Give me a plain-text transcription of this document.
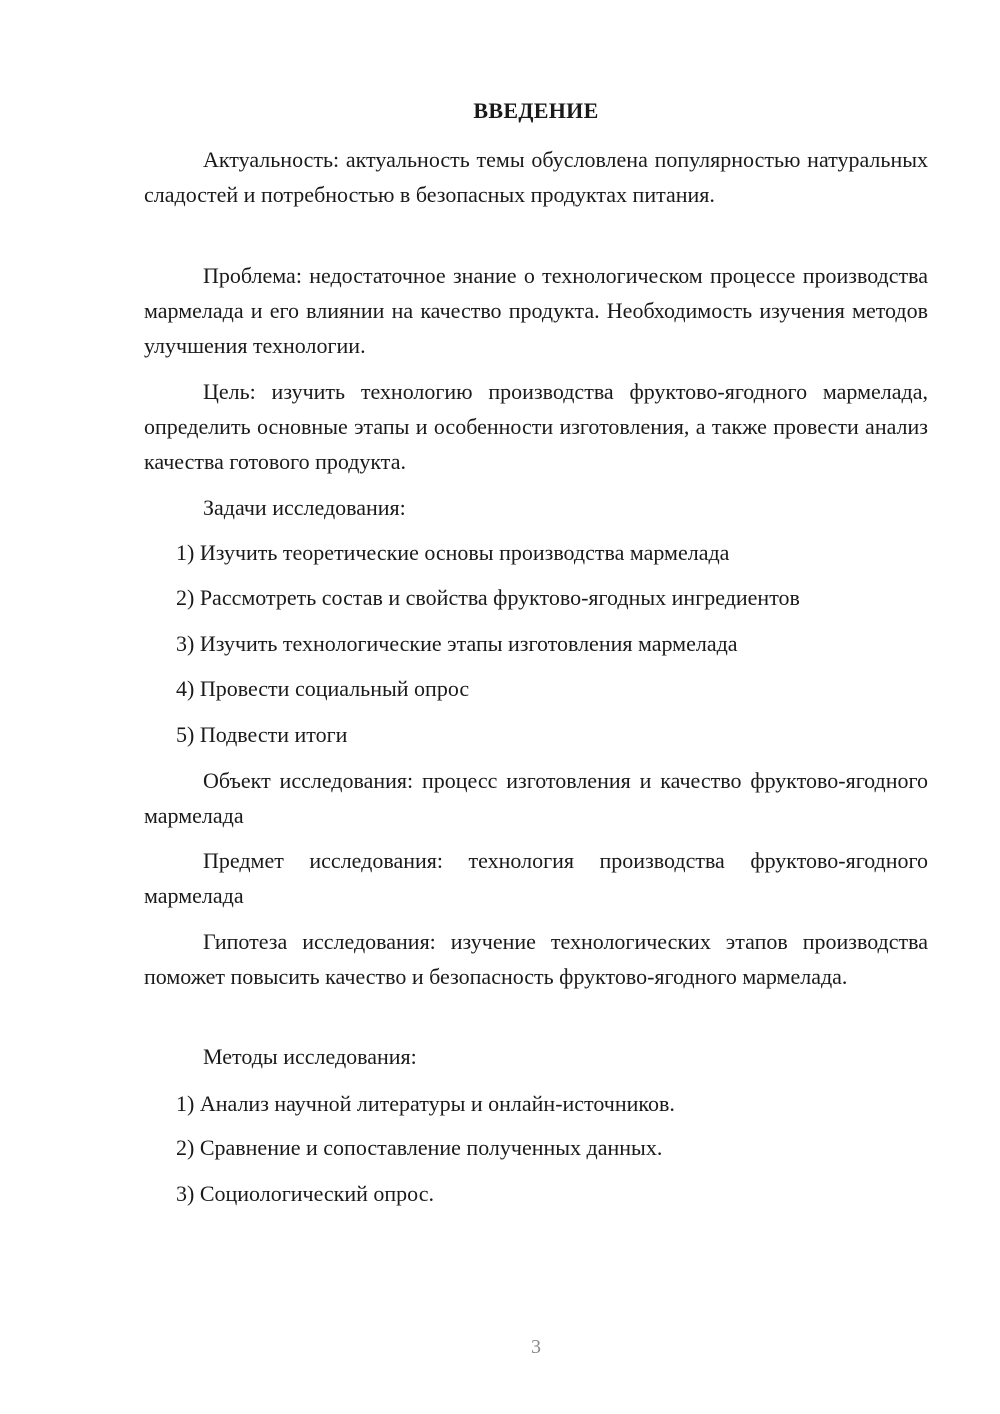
ВВЕДЕНИЕ
Актуальность: актуальность темы обусловлена популярностью натуральных сладостей и потребностью в безопасных продуктах питания.
Проблема: недостаточное знание о технологическом процессе производства мармелада и его влиянии на качество продукта. Необходимость изучения методов улучшения технологии.
Цель: изучить технологию производства фруктово-ягодного мармелада, определить основные этапы и особенности изготовления, а также провести анализ качества готового продукта.
Задачи исследования:
1) Изучить теоретические основы производства мармелада
2) Рассмотреть состав и свойства фруктово-ягодных ингредиентов
3) Изучить технологические этапы изготовления мармелада
4) Провести социальный опрос
5) Подвести итоги
Объект исследования: процесс изготовления и качество фруктово-ягодного мармелада
Предмет исследования: технология производства фруктово-ягодного мармелада
Гипотеза исследования: изучение технологических этапов производства поможет повысить качество и безопасность фруктово-ягодного мармелада.
Методы исследования:
1) Анализ научной литературы и онлайн-источников.
2) Сравнение и сопоставление полученных данных.
3) Социологический опрос.
3
